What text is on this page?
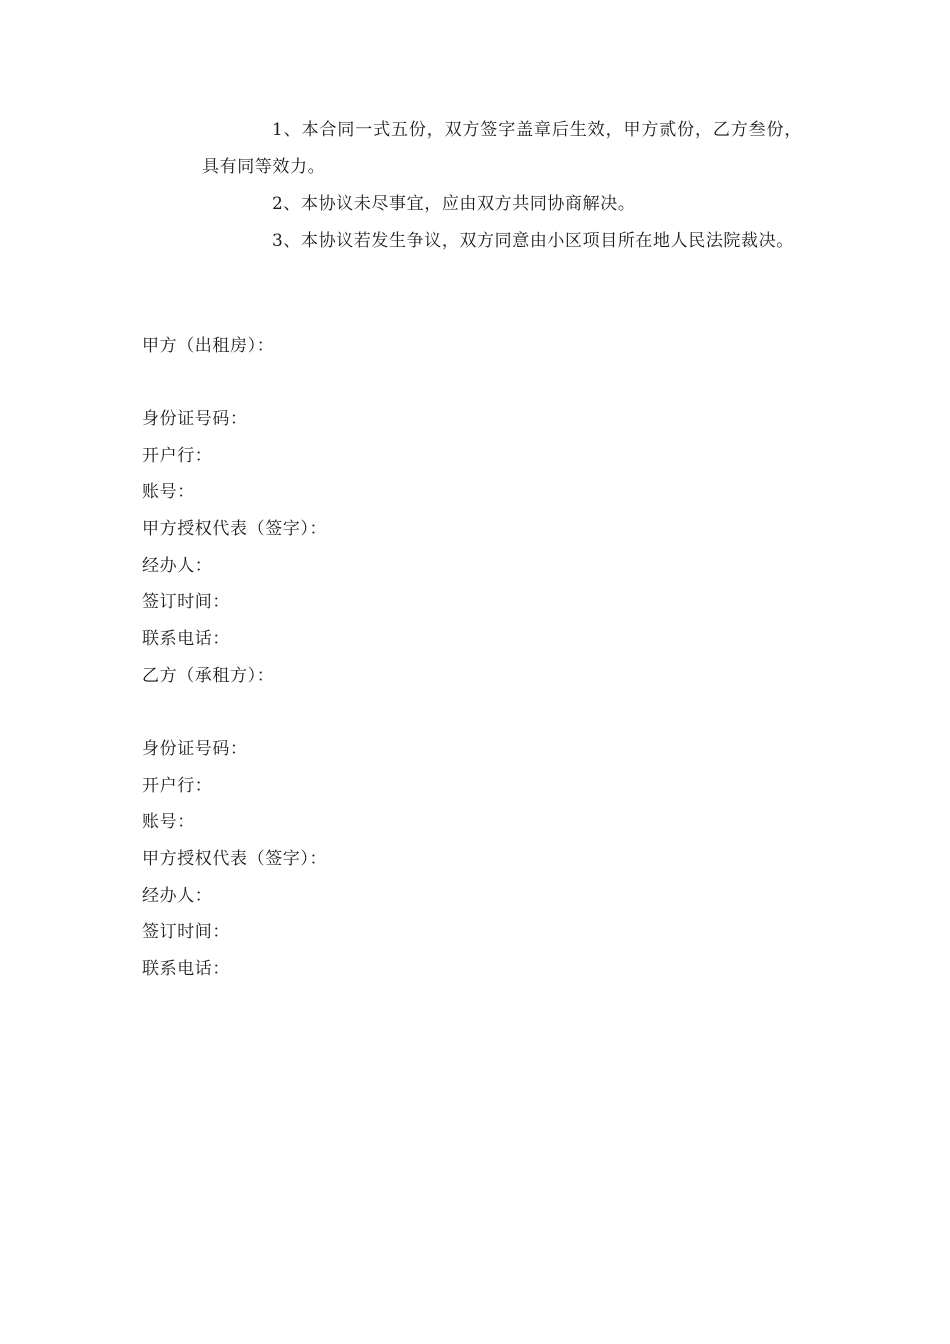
1、本合同一式五份，双方签字盖章后生效，甲方贰份，乙方叁份，具有同等效力。

2、本协议未尽事宜，应由双方共同协商解决。

3、本协议若发生争议，双方同意由小区项目所在地人民法院裁决。

甲方（出租房）：

身份证号码：

开户行：

账号：

甲方授权代表（签字）：

经办人：

签订时间：

联系电话：

乙方（承租方）：

身份证号码：

开户行：

账号：

甲方授权代表（签字）：

经办人：

签订时间：

联系电话：
